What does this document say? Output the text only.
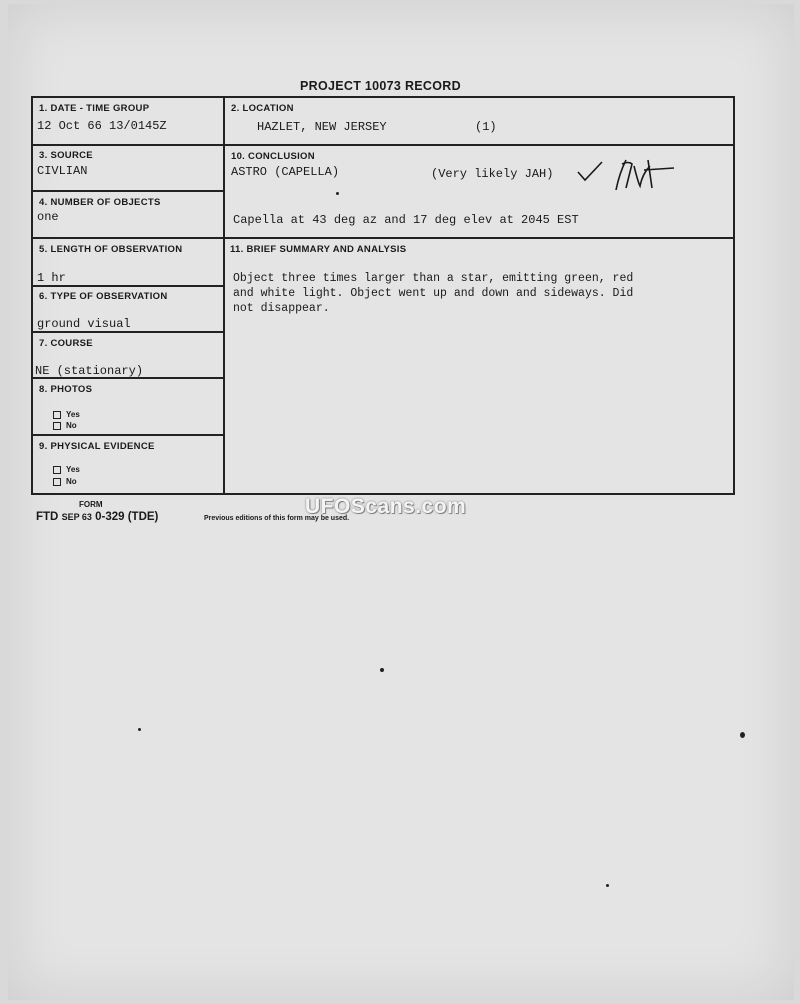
PROJECT 10073 RECORD
1. DATE - TIME GROUP
12 Oct 66 13/0145Z
2. LOCATION
HAZLET, NEW JERSEY	(1)
3. SOURCE
CIVLIAN
10. CONCLUSION
ASTRO (CAPELLA)	(Very likely JAH)
Capella at 43 deg az and 17 deg elev at 2045 EST
4. NUMBER OF OBJECTS
one
5. LENGTH OF OBSERVATION
1 hr
11. BRIEF SUMMARY AND ANALYSIS
Object three times larger than a star, emitting green, red
and white light. Object went up and down and sideways. Did
not disappear.
6. TYPE OF OBSERVATION
ground visual
7. COURSE
NE (stationary)
8. PHOTOS
Yes
No
9. PHYSICAL EVIDENCE
Yes
No
FORM
FTD SEP 63 0-329 (TDE)	Previous editions of this form may be used.
UFOScans.com
